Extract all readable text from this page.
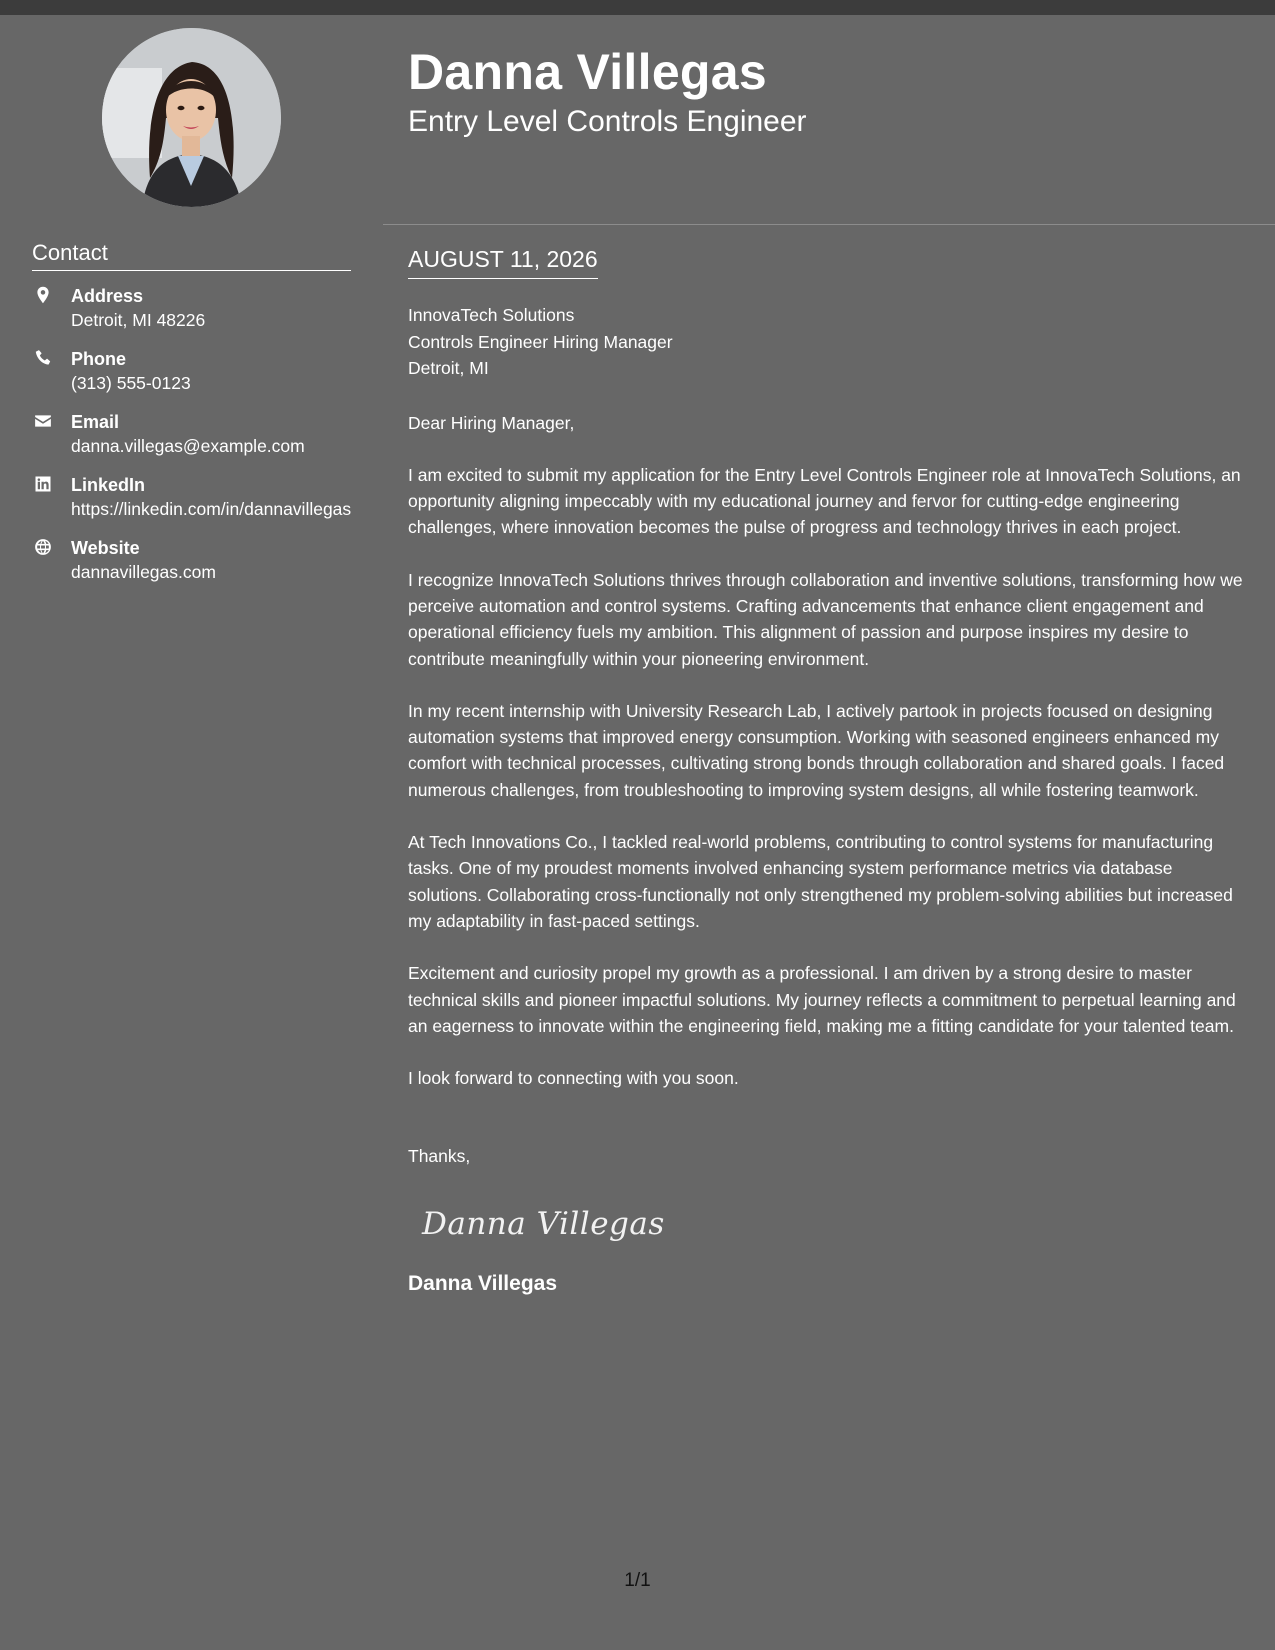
Contact
Address
Detroit, MI 48226
Phone
(313) 555-0123
Email
danna.villegas@example.com
LinkedIn
https://linkedin.com/in/dannavillegas
Website
dannavillegas.com
Danna Villegas
Entry Level Controls Engineer
AUGUST 11, 2026
InnovaTech Solutions
Controls Engineer Hiring Manager
Detroit, MI
Dear Hiring Manager,
I am excited to submit my application for the Entry Level Controls Engineer role at InnovaTech Solutions, an opportunity aligning impeccably with my educational journey and fervor for cutting-edge engineering challenges, where innovation becomes the pulse of progress and technology thrives in each project.
I recognize InnovaTech Solutions thrives through collaboration and inventive solutions, transforming how we perceive automation and control systems. Crafting advancements that enhance client engagement and operational efficiency fuels my ambition. This alignment of passion and purpose inspires my desire to contribute meaningfully within your pioneering environment.
In my recent internship with University Research Lab, I actively partook in projects focused on designing automation systems that improved energy consumption. Working with seasoned engineers enhanced my comfort with technical processes, cultivating strong bonds through collaboration and shared goals. I faced numerous challenges, from troubleshooting to improving system designs, all while fostering teamwork.
At Tech Innovations Co., I tackled real-world problems, contributing to control systems for manufacturing tasks. One of my proudest moments involved enhancing system performance metrics via database solutions. Collaborating cross-functionally not only strengthened my problem-solving abilities but increased my adaptability in fast-paced settings.
Excitement and curiosity propel my growth as a professional. I am driven by a strong desire to master technical skills and pioneer impactful solutions. My journey reflects a commitment to perpetual learning and an eagerness to innovate within the engineering field, making me a fitting candidate for your talented team.
I look forward to connecting with you soon.
Thanks,
Danna Villegas
Danna Villegas
1/1
